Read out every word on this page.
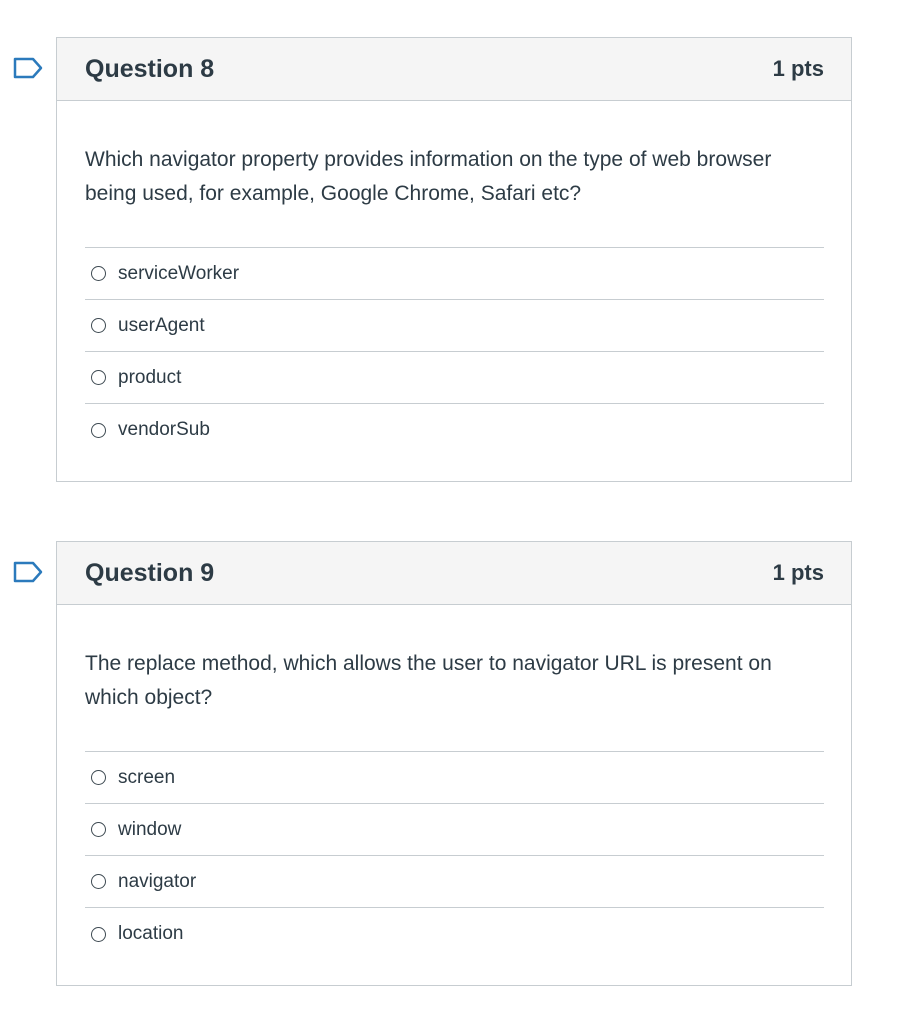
Question 8	1 pts

Which navigator property provides information on the type of web browser being used, for example, Google Chrome, Safari etc?

serviceWorker
userAgent
product
vendorSub
Question 9	1 pts

The replace method, which allows the user to navigator URL is present on which object?

screen
window
navigator
location
